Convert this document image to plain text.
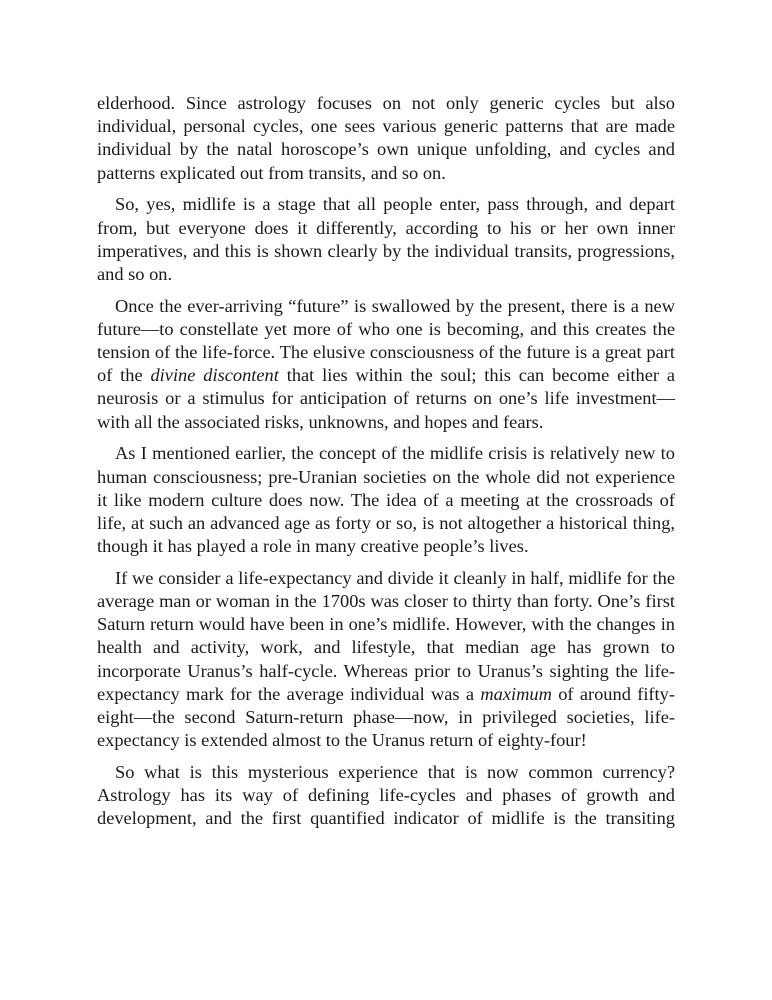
elderhood. Since astrology focuses on not only generic cycles but also individual, personal cycles, one sees various generic patterns that are made individual by the natal horoscope’s own unique unfolding, and cycles and patterns explicated out from transits, and so on.

So, yes, midlife is a stage that all people enter, pass through, and depart from, but everyone does it differently, according to his or her own inner imperatives, and this is shown clearly by the individual transits, progressions, and so on.

Once the ever-arriving “future” is swallowed by the present, there is a new future—to constellate yet more of who one is becoming, and this creates the tension of the life-force. The elusive consciousness of the future is a great part of the divine discontent that lies within the soul; this can become either a neurosis or a stimulus for anticipation of returns on one’s life investment—with all the associated risks, unknowns, and hopes and fears.

As I mentioned earlier, the concept of the midlife crisis is relatively new to human consciousness; pre-Uranian societies on the whole did not experience it like modern culture does now. The idea of a meeting at the crossroads of life, at such an advanced age as forty or so, is not altogether a historical thing, though it has played a role in many creative people’s lives.

If we consider a life-expectancy and divide it cleanly in half, midlife for the average man or woman in the 1700s was closer to thirty than forty. One’s first Saturn return would have been in one’s midlife. However, with the changes in health and activity, work, and lifestyle, that median age has grown to incorporate Uranus’s half-cycle. Whereas prior to Uranus’s sighting the life-expectancy mark for the average individual was a maximum of around fifty-eight—the second Saturn-return phase—now, in privileged societies, life-expectancy is extended almost to the Uranus return of eighty-four!

So what is this mysterious experience that is now common currency? Astrology has its way of defining life-cycles and phases of growth and development, and the first quantified indicator of midlife is the transiting
